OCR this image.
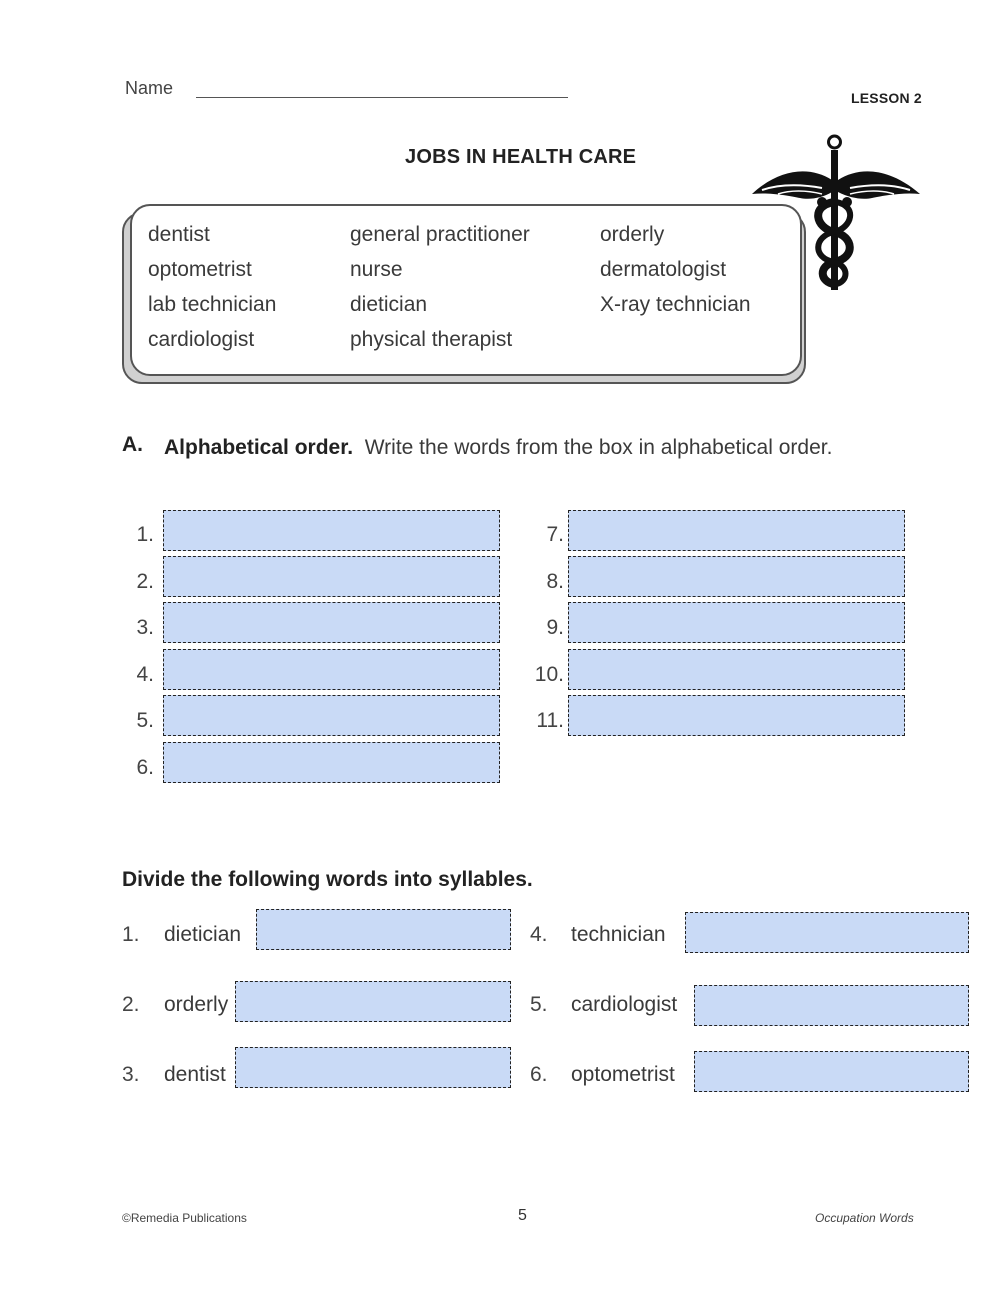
Name	LESSON 2
JOBS IN HEALTH CARE
dentist
optometrist
lab technician
cardiologist
general practitioner
nurse
dietician
physical therapist
orderly
dermatologist
X-ray technician
A. Alphabetical order. Write the words from the box in alphabetical order.
1.
2.
3.
4.
5.
6.
7.
8.
9.
10.
11.
Divide the following words into syllables.
1. dietician
2. orderly
3. dentist
4. technician
5. cardiologist
6. optometrist
©Remedia Publications	5	Occupation Words
